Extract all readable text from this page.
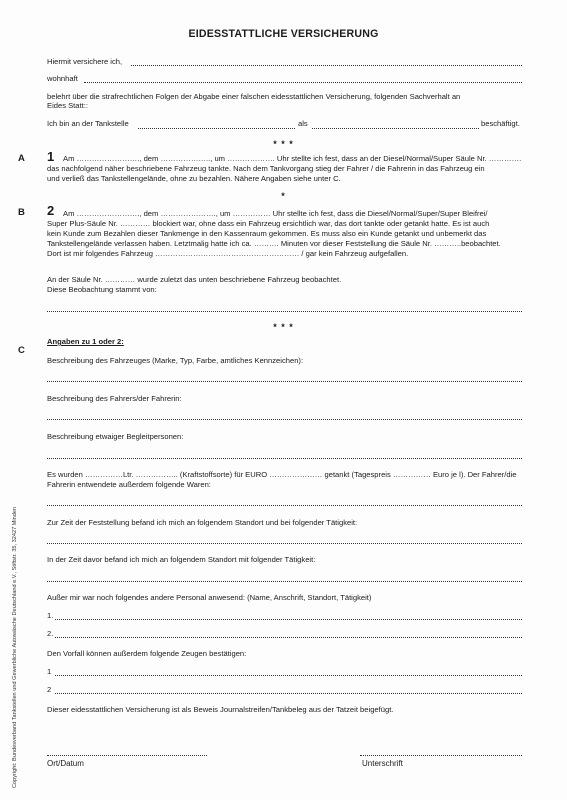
EIDESSTATTLICHE VERSICHERUNG
Hiermit versichere ich,
wohnhaft
belehrt über die strafrechtlichen Folgen der Abgabe einer falschen eidesstattlichen Versicherung, folgenden Sachverhalt an
Eides Statt::
Ich bin an der Tankstelle	als	beschäftigt.
* * *
A 1 Am ……………………., dem ……………….., um ………………. Uhr stellte ich fest, dass an der Diesel/Normal/Super Säule Nr. ………….
das nachfolgend näher beschriebene Fahrzeug tankte. Nach dem Tankvorgang stieg der Fahrer / die Fahrerin in das Fahrzeug ein
und verließ das Tankstellengelände, ohne zu bezahlen. Nähere Angaben siehe unter C.
*
B 2 Am ……………………., dem …………………., um …………… Uhr stellte ich fest, dass die Diesel/Normal/Super/Super Bleifrei/
Super Plus-Säule Nr. ………… blockiert war, ohne dass ein Fahrzeug ersichtlich war, das dort tankte oder getankt hatte. Es ist auch
kein Kunde zum Bezahlen dieser Tankmenge in den Kassenraum gekommen. Es muss also ein Kunde getankt und unbemerkt das
Tankstellengelände verlassen haben. Letztmalig hatte ich ca. ………. Minuten vor dieser Feststellung die Säule Nr. ………..beobachtet.
Dort ist mir folgendes Fahrzeug ………………………………………………… / gar kein Fahrzeug aufgefallen.
An der Säule Nr. ………… wurde zuletzt das unten beschriebene Fahrzeug beobachtet.
Diese Beobachtung stammt von:
* * *
C
Angaben zu 1 oder 2:
Beschreibung des Fahrzeuges (Marke, Typ, Farbe, amtliches Kennzeichen):
Beschreibung des Fahrers/der Fahrerin:
Beschreibung etwaiger Begleitpersonen:
Es wurden ……………Ltr. …………….. (Kraftstoffsorte) für EURO ………………… getankt (Tagespreis …………… Euro je l). Der Fahrer/die
Fahrerin entwendete außerdem folgende Waren:
Zur Zeit der Feststellung befand ich mich an folgendem Standort und bei folgender Tätigkeit:
In der Zeit davor befand ich mich an folgendem Standort mit folgender Tätigkeit:
Außer mir war noch folgendes andere Personal anwesend: (Name, Anschrift, Standort, Tätigkeit)
1.
2.
Den Vorfall können außerdem folgende Zeugen bestätigen:
1
2
Dieser eidesstattlichen Versicherung ist als Beweis Journalstreifen/Tankbeleg aus der Tatzeit beigefügt.
Ort/Datum	Unterschrift
Copyright: Bundesverband Tankstellen und Gewerbliche Autowäsche Deutschland e.V., Stiftstr. 35, 32427 Minden
